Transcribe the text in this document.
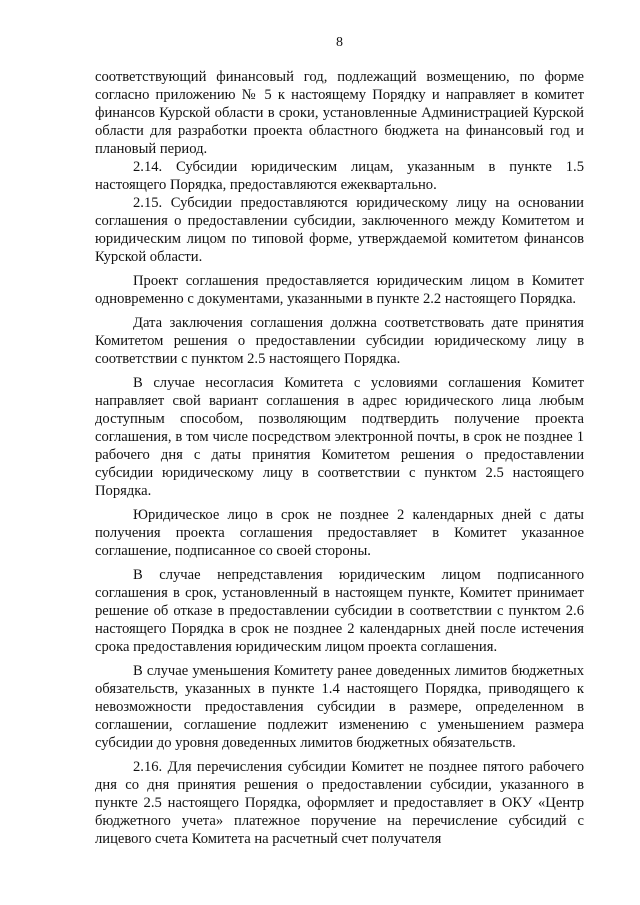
8

соответствующий финансовый год, подлежащий возмещению, по форме согласно приложению № 5 к настоящему Порядку и направляет в комитет финансов Курской области в сроки, установленные Администрацией Курской области для разработки проекта областного бюджета на финансовый год и плановый период.

2.14. Субсидии юридическим лицам, указанным в пункте 1.5 настоящего Порядка, предоставляются ежеквартально.

2.15. Субсидии предоставляются юридическому лицу на основании соглашения о предоставлении субсидии, заключенного между Комитетом и юридическим лицом по типовой форме, утверждаемой комитетом финансов Курской области.

Проект соглашения предоставляется юридическим лицом в Комитет одновременно с документами, указанными в пункте 2.2 настоящего Порядка.

Дата заключения соглашения должна соответствовать дате принятия Комитетом решения о предоставлении субсидии юридическому лицу в соответствии с пунктом 2.5 настоящего Порядка.

В случае несогласия Комитета с условиями соглашения Комитет направляет свой вариант соглашения в адрес юридического лица любым доступным способом, позволяющим подтвердить получение проекта соглашения, в том числе посредством электронной почты, в срок не позднее 1 рабочего дня с даты принятия Комитетом решения о предоставлении субсидии юридическому лицу в соответствии с пунктом 2.5 настоящего Порядка.

Юридическое лицо в срок не позднее 2 календарных дней с даты получения проекта соглашения предоставляет в Комитет указанное соглашение, подписанное со своей стороны.

В случае непредставления юридическим лицом подписанного соглашения в срок, установленный в настоящем пункте, Комитет принимает решение об отказе в предоставлении субсидии в соответствии с пунктом 2.6 настоящего Порядка в срок не позднее 2 календарных дней после истечения срока предоставления юридическим лицом проекта соглашения.

В случае уменьшения Комитету ранее доведенных лимитов бюджетных обязательств, указанных в пункте 1.4 настоящего Порядка, приводящего к невозможности предоставления субсидии в размере, определенном в соглашении, соглашение подлежит изменению с уменьшением размера субсидии до уровня доведенных лимитов бюджетных обязательств.

2.16. Для перечисления субсидии Комитет не позднее пятого рабочего дня со дня принятия решения о предоставлении субсидии, указанного в пункте 2.5 настоящего Порядка, оформляет и предоставляет в ОКУ «Центр бюджетного учета» платежное поручение на перечисление субсидий с лицевого счета Комитета на расчетный счет получателя
